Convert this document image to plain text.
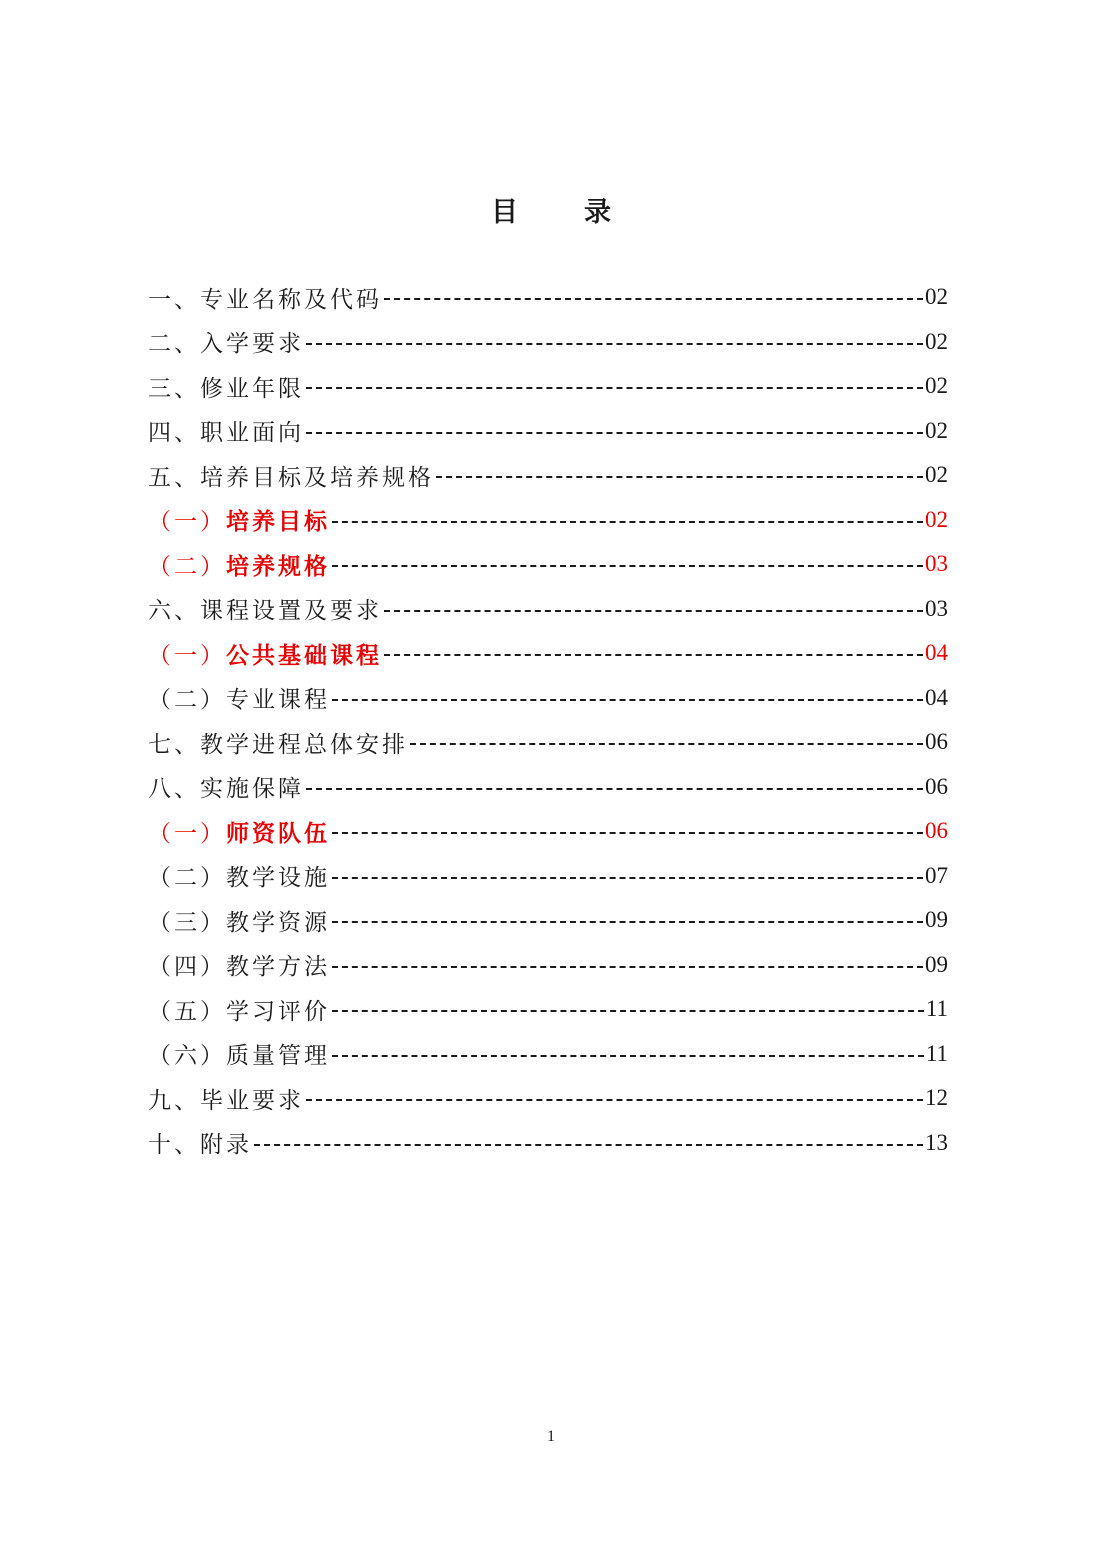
目 录
一、专业名称及代码	02
二、入学要求	02
三、修业年限	02
四、职业面向	02
五、培养目标及培养规格	02
（一）培养目标	02
（二）培养规格	03
六、课程设置及要求	03
（一）公共基础课程	04
（二）专业课程	04
七、教学进程总体安排	06
八、实施保障	06
（一）师资队伍	06
（二）教学设施	07
（三）教学资源	09
（四）教学方法	09
（五）学习评价	11
（六）质量管理	11
九、毕业要求	12
十、附录	13
1
